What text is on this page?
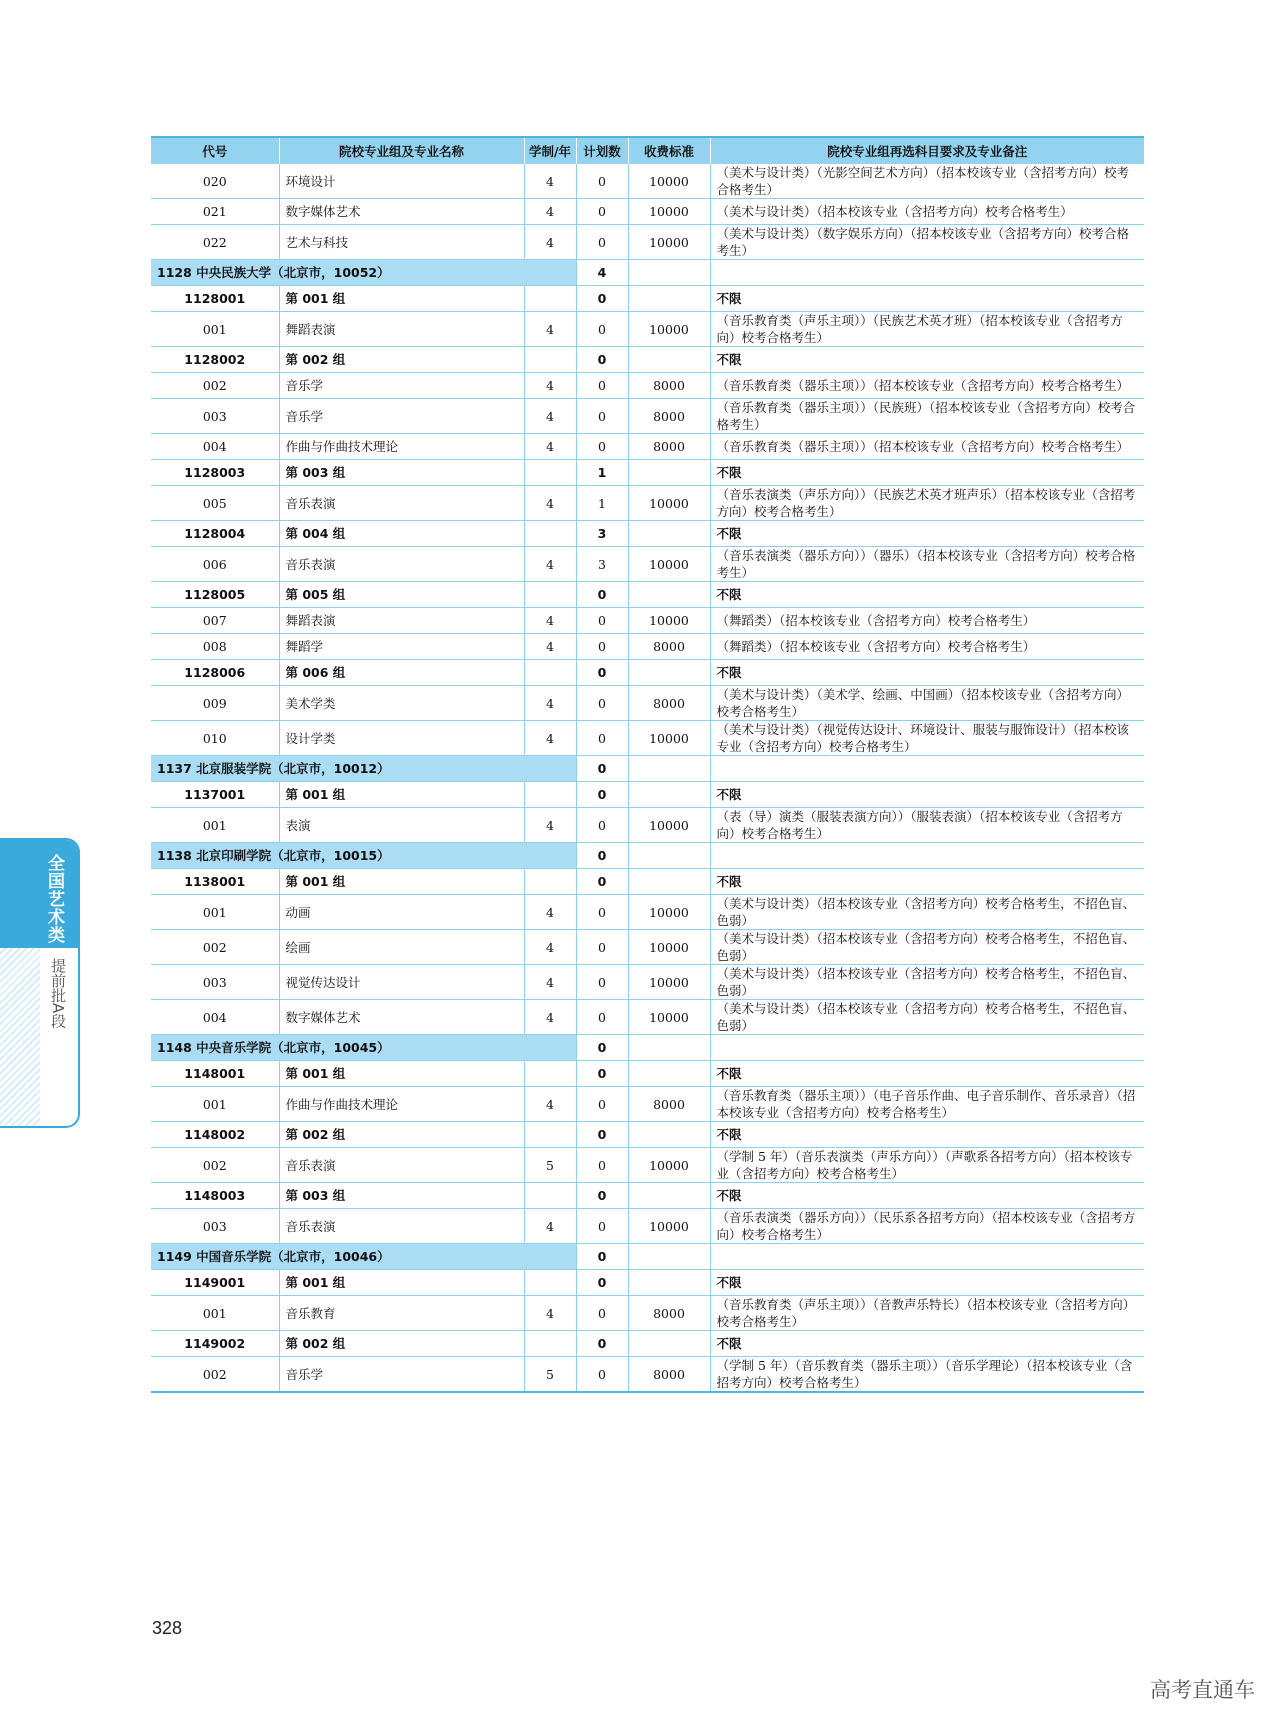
代号	院校专业组及专业名称	学制/年	计划数	收费标准	院校专业组再选科目要求及专业备注
020	环境设计	4	0	10000	（美术与设计类）（光影空间艺术方向）（招本校该专业（含招考方向）校考合格考生）
021	数字媒体艺术	4	0	10000	（美术与设计类）（招本校该专业（含招考方向）校考合格考生）
022	艺术与科技	4	0	10000	（美术与设计类）（数字娱乐方向）（招本校该专业（含招考方向）校考合格考生）
1128 中央民族大学（北京市，10052）			4		
1128001	第 001 组		0		不限
001	舞蹈表演	4	0	10000	（音乐教育类（声乐主项））（民族艺术英才班）（招本校该专业（含招考方向）校考合格考生）
1128002	第 002 组		0		不限
002	音乐学	4	0	8000	（音乐教育类（器乐主项））（招本校该专业（含招考方向）校考合格考生）
003	音乐学	4	0	8000	（音乐教育类（器乐主项））（民族班）（招本校该专业（含招考方向）校考合格考生）
004	作曲与作曲技术理论	4	0	8000	（音乐教育类（器乐主项））（招本校该专业（含招考方向）校考合格考生）
1128003	第 003 组		1		不限
005	音乐表演	4	1	10000	（音乐表演类（声乐方向））（民族艺术英才班声乐）（招本校该专业（含招考方向）校考合格考生）
1128004	第 004 组		3		不限
006	音乐表演	4	3	10000	（音乐表演类（器乐方向））（器乐）（招本校该专业（含招考方向）校考合格考生）
1128005	第 005 组		0		不限
007	舞蹈表演	4	0	10000	（舞蹈类）（招本校该专业（含招考方向）校考合格考生）
008	舞蹈学	4	0	8000	（舞蹈类）（招本校该专业（含招考方向）校考合格考生）
1128006	第 006 组		0		不限
009	美术学类	4	0	8000	（美术与设计类）（美术学、绘画、中国画）（招本校该专业（含招考方向）校考合格考生）
010	设计学类	4	0	10000	（美术与设计类）（视觉传达设计、环境设计、服装与服饰设计）（招本校该专业（含招考方向）校考合格考生）
1137 北京服装学院（北京市，10012）			0		
1137001	第 001 组		0		不限
001	表演	4	0	10000	（表（导）演类（服装表演方向））（服装表演）（招本校该专业（含招考方向）校考合格考生）
1138 北京印刷学院（北京市，10015）			0		
1138001	第 001 组		0		不限
001	动画	4	0	10000	（美术与设计类）（招本校该专业（含招考方向）校考合格考生，不招色盲、色弱）
002	绘画	4	0	10000	（美术与设计类）（招本校该专业（含招考方向）校考合格考生，不招色盲、色弱）
003	视觉传达设计	4	0	10000	（美术与设计类）（招本校该专业（含招考方向）校考合格考生，不招色盲、色弱）
004	数字媒体艺术	4	0	10000	（美术与设计类）（招本校该专业（含招考方向）校考合格考生，不招色盲、色弱）
1148 中央音乐学院（北京市，10045）			0		
1148001	第 001 组		0		不限
001	作曲与作曲技术理论	4	0	8000	（音乐教育类（器乐主项））（电子音乐作曲、电子音乐制作、音乐录音）（招本校该专业（含招考方向）校考合格考生）
1148002	第 002 组		0		不限
002	音乐表演	5	0	10000	（学制 5 年）（音乐表演类（声乐方向））（声歌系各招考方向）（招本校该专业（含招考方向）校考合格考生）
1148003	第 003 组		0		不限
003	音乐表演	4	0	10000	（音乐表演类（器乐方向））（民乐系各招考方向）（招本校该专业（含招考方向）校考合格考生）
1149 中国音乐学院（北京市，10046）			0		
1149001	第 001 组		0		不限
001	音乐教育	4	0	8000	（音乐教育类（声乐主项））（音教声乐特长）（招本校该专业（含招考方向）校考合格考生）
1149002	第 002 组		0		不限
002	音乐学	5	0	8000	（学制 5 年）（音乐教育类（器乐主项））（音乐学理论）（招本校该专业（含招考方向）校考合格考生）
全国艺术类
提前批A段
328
高考直通车
